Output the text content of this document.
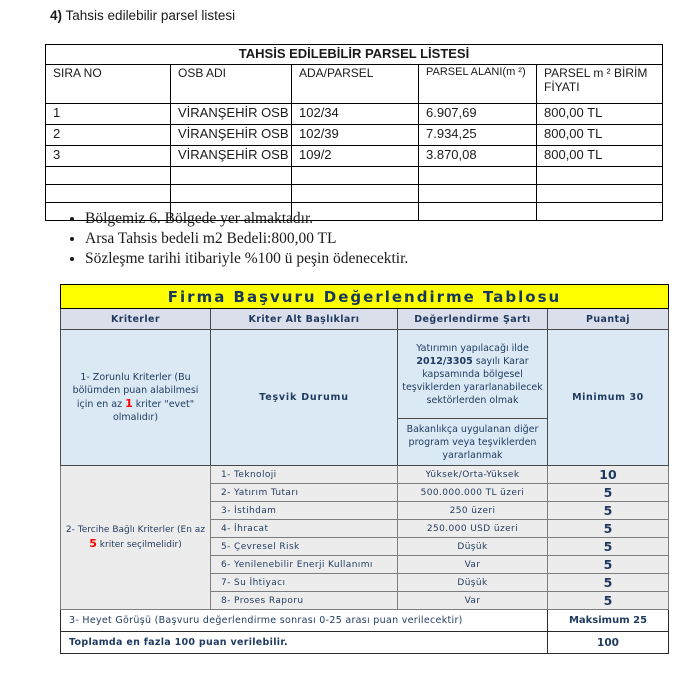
4) Tahsis edilebilir parsel listesi
TAHSİS EDİLEBİLİR PARSEL LİSTESİ				
SIRA NO	OSB ADI	ADA/PARSEL	PARSEL ALANI(m ²)	PARSEL m ² BİRİM FİYATI
1	VİRANŞEHİR OSB	102/34	6.907,69	800,00 TL
2	VİRANŞEHİR OSB	102/39	7.934,25	800,00 TL
3	VİRANŞEHİR OSB	109/2	3.870,08	800,00 TL

• Bölgemiz 6. Bölgede yer almaktadır.
• Arsa Tahsis bedeli m2 Bedeli:800,00 TL
• Sözleşme tarihi itibariyle %100 ü peşin ödenecektir.
Firma Başvuru Değerlendirme Tablosu			
Kriterler	Kriter Alt Başlıkları	Değerlendirme Şartı	Puantaj
1- Zorunlu Kriterler (Bu bölümden puan alabilmesi için en az 1 kriter "evet" olmalıdır)	Teşvik Durumu	Yatırımın yapılacağı ilde 2012/3305 sayılı Karar kapsamında bölgesel teşviklerden yararlanabilecek sektörlerden olmak	Minimum 30
		Bakanlıkça uygulanan diğer program veya teşviklerden yararlanmak	
2- Tercihe Bağlı Kriterler (En az 5 kriter seçilmelidir)	1- Teknoloji	Yüksek/Orta-Yüksek	10
	2- Yatırım Tutarı	500.000.000 TL üzeri	5
	3- İstihdam	250 üzeri	5
	4- İhracat	250.000 USD üzeri	5
	5- Çevresel Risk	Düşük	5
	6- Yenilenebilir Enerji Kullanımı	Var	5
	7- Su İhtiyacı	Düşük	5
	8- Proses Raporu	Var	5
3- Heyet Görüşü (Başvuru değerlendirme sonrası 0-25 arası puan verilecektir)			Maksimum 25
Toplamda en fazla 100 puan verilebilir.			100
